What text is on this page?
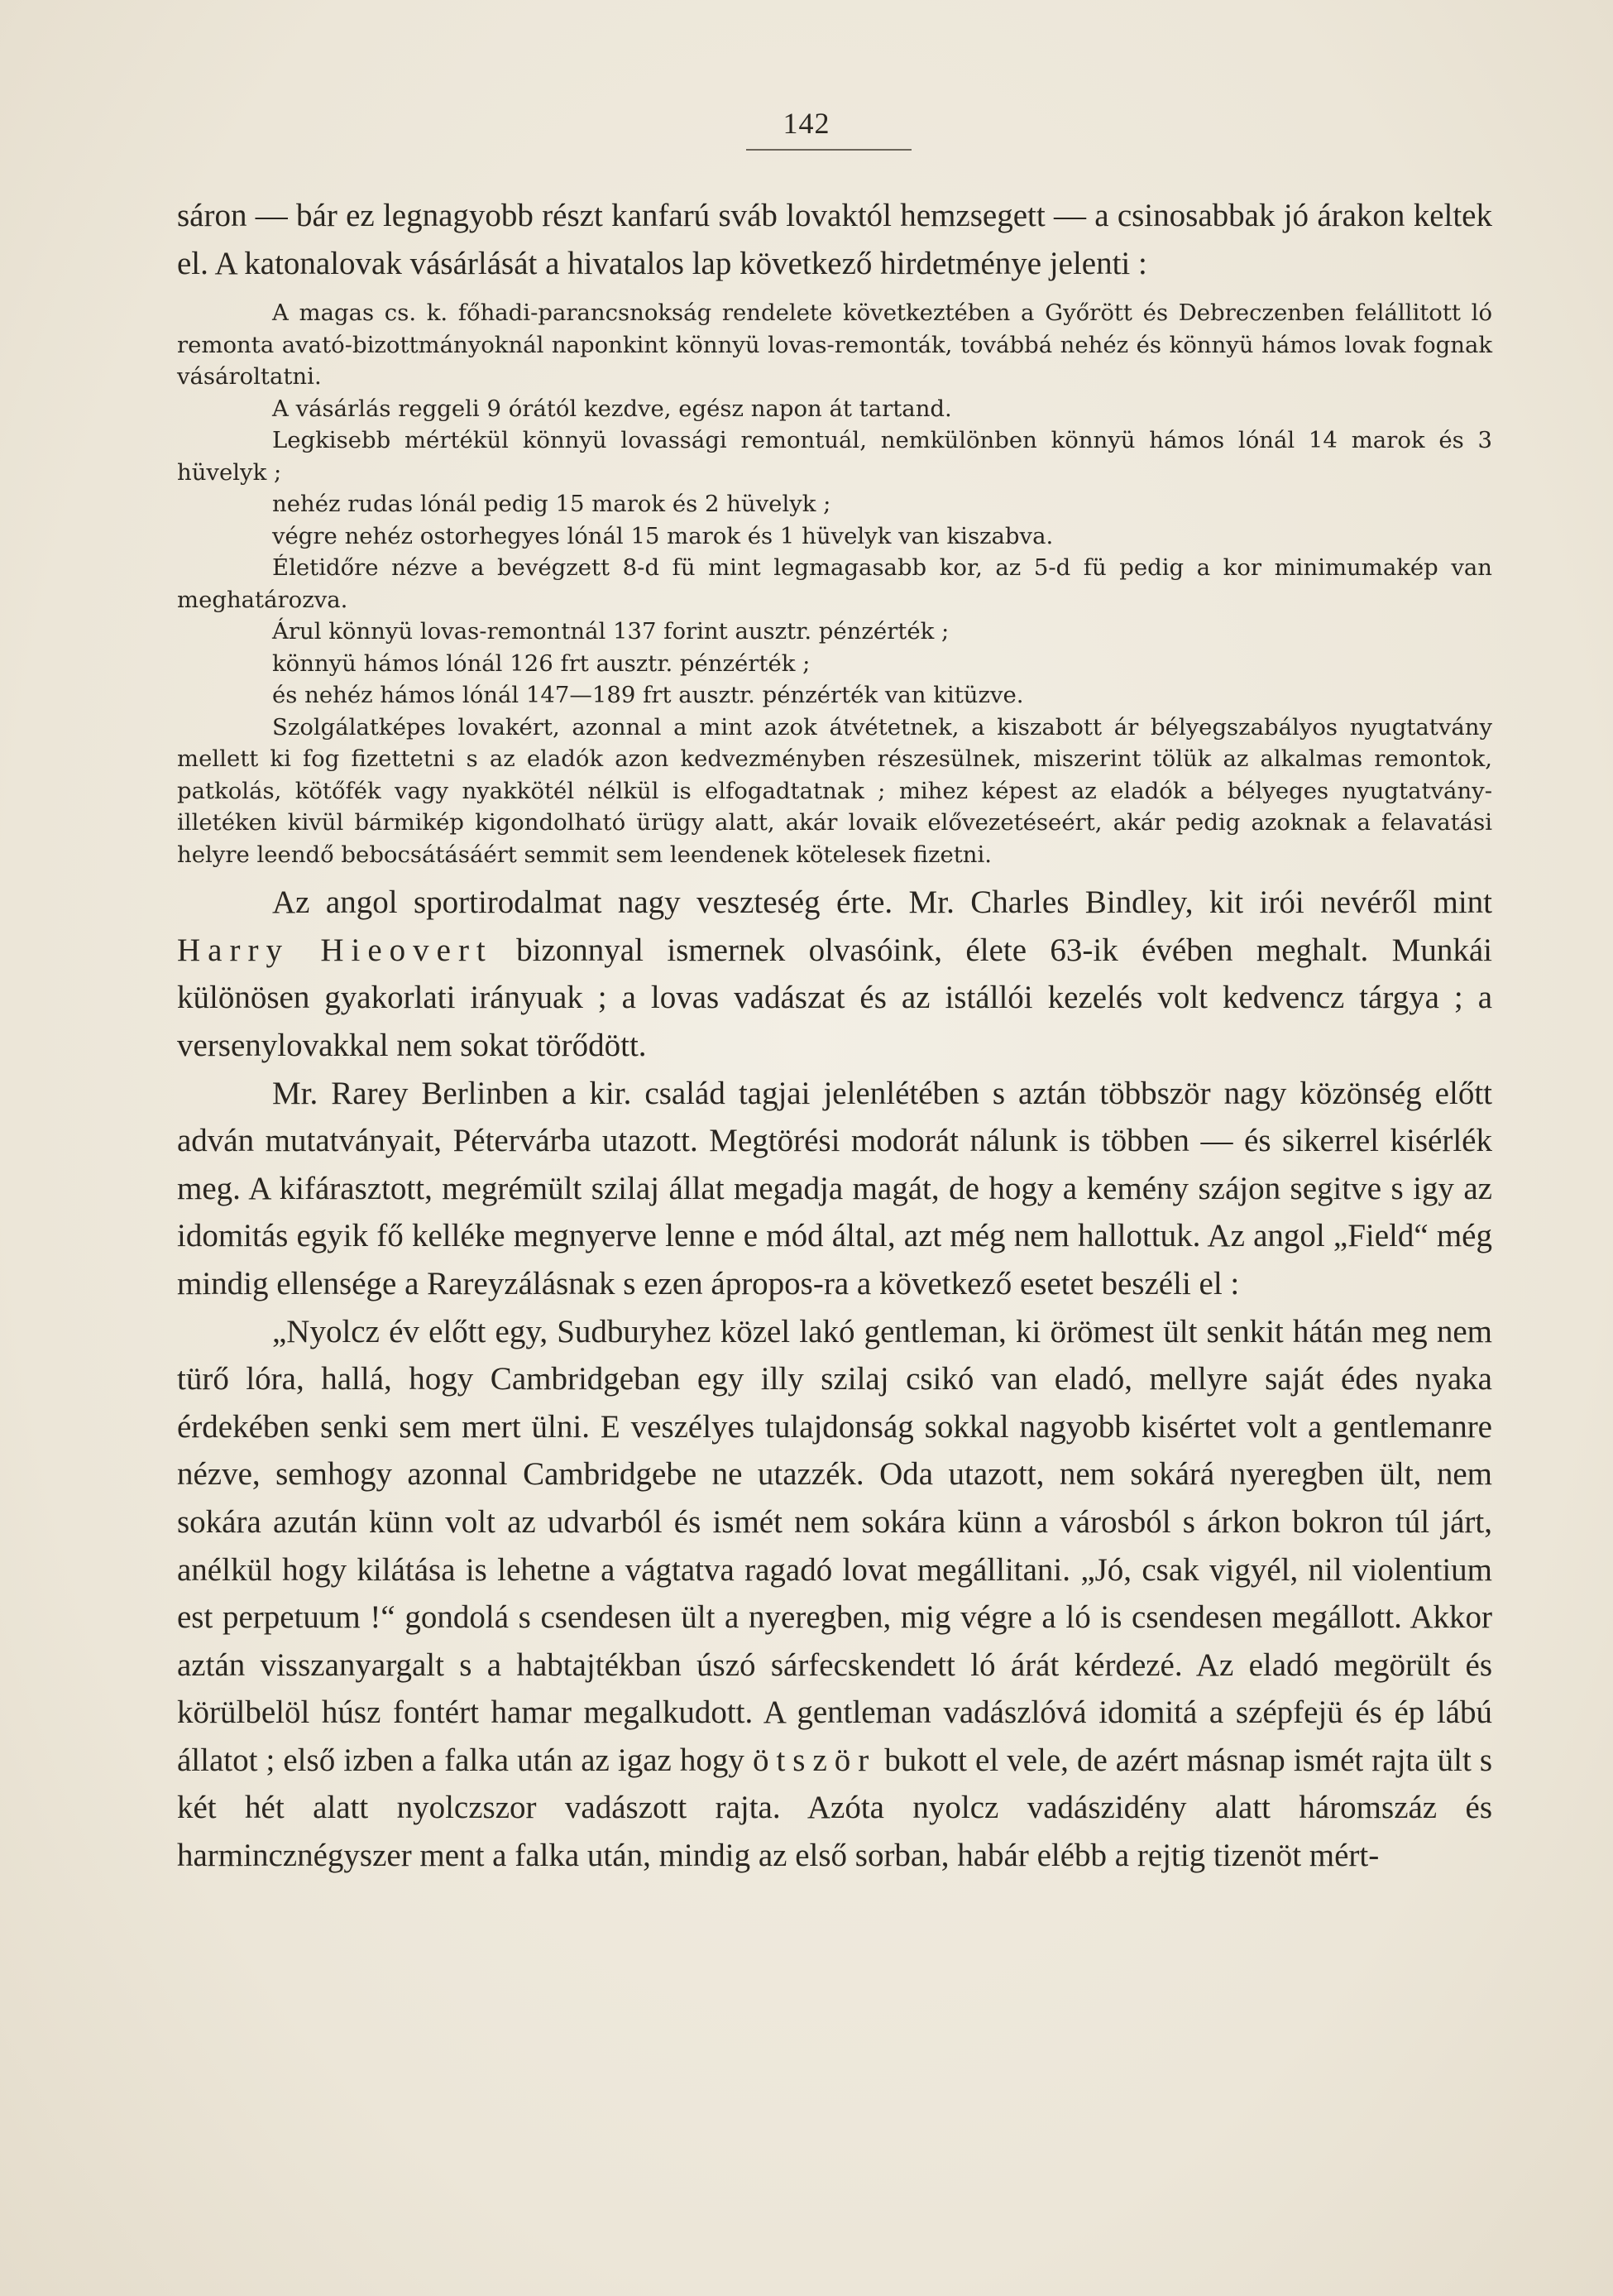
142

sáron — bár ez legnagyobb részt kanfarú sváb lovaktól hemzsegett — a csinosabbak jó árakon keltek el. A katonalovak vásárlását a hivatalos lap következő hirdetménye jelenti :

A magas cs. k. főhadi-parancsnokság rendelete következtében a Győrött és Debreczenben felállitott ló remonta avató-bizottmányoknál naponkint könnyü lovas-remonták, továbbá nehéz és könnyü hámos lovak fognak vásároltatni.

A vásárlás reggeli 9 órától kezdve, egész napon át tartand.

Legkisebb mértékül könnyü lovassági remontuál, nemkülönben könnyü hámos lónál 14 marok és 3 hüvelyk ;

nehéz rudas lónál pedig 15 marok és 2 hüvelyk ;

végre nehéz ostorhegyes lónál 15 marok és 1 hüvelyk van kiszabva.

Életidőre nézve a bevégzett 8-d fü mint legmagasabb kor, az 5-d fü pedig a kor minimumakép van meghatározva.

Árul könnyü lovas-remontnál 137 forint ausztr. pénzérték ;

könnyü hámos lónál 126 frt ausztr. pénzérték ;

és nehéz hámos lónál 147—189 frt ausztr. pénzérték van kitüzve.

Szolgálatképes lovakért, azonnal a mint azok átvétetnek, a kiszabott ár bélyegszabályos nyugtatvány mellett ki fog fizettetni s az eladók azon kedvezményben részesülnek, miszerint tölük az alkalmas remontok, patkolás, kötőfék vagy nyakkötél nélkül is elfogadtatnak ; mihez képest az eladók a bélyeges nyugtatvány-illetéken kivül bármikép kigondolható ürügy alatt, akár lovaik elővezetéseért, akár pedig azoknak a felavatási helyre leendő bebocsátásáért semmit sem leendenek kötelesek fizetni.

Az angol sportirodalmat nagy veszteség érte. Mr. Charles Bindley, kit irói nevéről mint Harry Hieovert bizonnyal ismernek olvasóink, élete 63-ik évében meghalt. Munkái különösen gyakorlati irányuak ; a lovas vadászat és az istállói kezelés volt kedvencz tárgya ; a versenylovakkal nem sokat törődött.

Mr. Rarey Berlinben a kir. család tagjai jelenlétében s aztán többször nagy közönség előtt adván mutatványait, Pétervárba utazott. Megtörési modorát nálunk is többen — és sikerrel kisérlék meg. A kifárasztott, megrémült szilaj állat megadja magát, de hogy a kemény szájon segitve s igy az idomitás egyik fő kelléke megnyerve lenne e mód által, azt még nem hallottuk. Az angol „Field“ még mindig ellensége a Rareyzálásnak s ezen ápropos-ra a következő esetet beszéli el :

„Nyolcz év előtt egy, Sudburyhez közel lakó gentleman, ki örömest ült senkit hátán meg nem türő lóra, hallá, hogy Cambridgeban egy illy szilaj csikó van eladó, mellyre saját édes nyaka érdekében senki sem mert ülni. E veszélyes tulajdonság sokkal nagyobb kisértet volt a gentlemanre nézve, semhogy azonnal Cambridgebe ne utazzék. Oda utazott, nem sokárá nyeregben ült, nem sokára azután künn volt az udvarból és ismét nem sokára künn a városból s árkon bokron túl járt, anélkül hogy kilátása is lehetne a vágtatva ragadó lovat megállitani. „Jó, csak vigyél, nil violentium est perpetuum !“ gondolá s csendesen ült a nyeregben, mig végre a ló is csendesen megállott. Akkor aztán visszanyargalt s a habtajtékban úszó sárfecskendett ló árát kérdezé. Az eladó megörült és körülbelöl húsz fontért hamar megalkudott. A gentleman vadászlóvá idomitá a szépfejü és ép lábú állatot ; első izben a falka után az igaz hogy ötször bukott el vele, de azért másnap ismét rajta ült s két hét alatt nyolczszor vadászott rajta. Azóta nyolcz vadászidény alatt háromszáz és harmincznégyszer ment a falka után, mindig az első sorban, habár elébb a rejtig tizenöt mért-
